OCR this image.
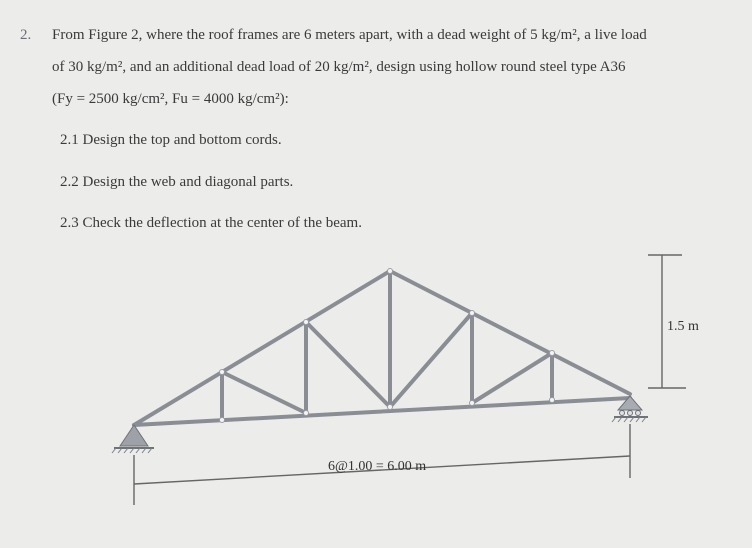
2. From Figure 2, where the roof frames are 6 meters apart, with a dead weight of 5 kg/m², a live load
of 30 kg/m², and an additional dead load of 20 kg/m², design using hollow round steel type A36
(Fy = 2500 kg/cm², Fu = 4000 kg/cm²):
2.1 Design the top and bottom cords.
2.2 Design the web and diagonal parts.
2.3 Check the deflection at the center of the beam.
6@1.00 = 6.00 m
1.5 m
